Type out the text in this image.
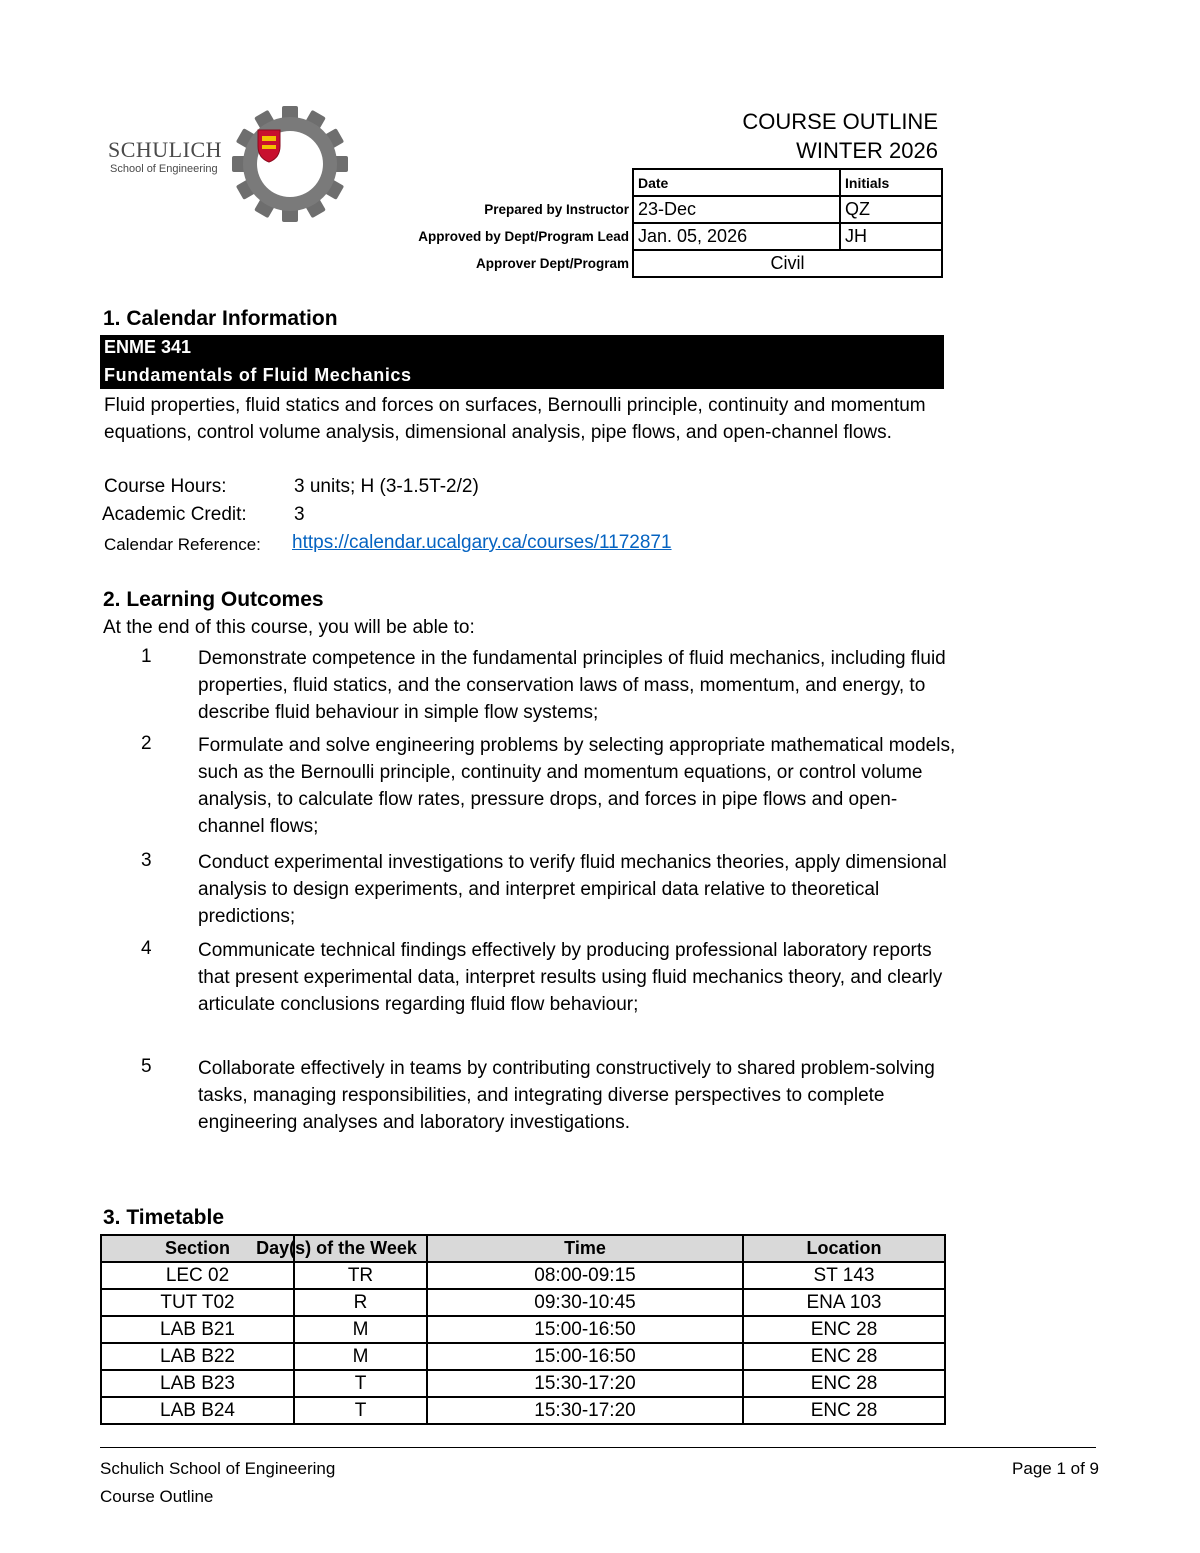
SCHULICH
School of Engineering
COURSE OUTLINE
WINTER 2026
	Date	Initials
Prepared by Instructor	23-Dec	QZ
Approved by Dept/Program Lead	Jan. 05, 2026	JH
Approver Dept/Program	Civil	
1. Calendar Information
ENME 341
Fundamentals of Fluid Mechanics
Fluid properties, fluid statics and forces on surfaces, Bernoulli principle, continuity and momentum equations, control volume analysis, dimensional analysis, pipe flows, and open-channel flows.
Course Hours:	3 units; H (3-1.5T-2/2)
Academic Credit: 3
Calendar Reference: https://calendar.ucalgary.ca/courses/1172871
2. Learning Outcomes
At the end of this course, you will be able to:
1 Demonstrate competence in the fundamental principles of fluid mechanics, including fluid properties, fluid statics, and the conservation laws of mass, momentum, and energy, to describe fluid behaviour in simple flow systems;
2 Formulate and solve engineering problems by selecting appropriate mathematical models, such as the Bernoulli principle, continuity and momentum equations, or control volume analysis, to calculate flow rates, pressure drops, and forces in pipe flows and open-channel flows;
3 Conduct experimental investigations to verify fluid mechanics theories, apply dimensional analysis to design experiments, and interpret empirical data relative to theoretical predictions;
4 Communicate technical findings effectively by producing professional laboratory reports that present experimental data, interpret results using fluid mechanics theory, and clearly articulate conclusions regarding fluid flow behaviour;
5 Collaborate effectively in teams by contributing constructively to shared problem-solving tasks, managing responsibilities, and integrating diverse perspectives to complete engineering analyses and laboratory investigations.
3. Timetable
Section	Day(s) of the Week	Time	Location
LEC 02	TR	08:00-09:15	ST 143
TUT T02	R	09:30-10:45	ENA 103
LAB B21	M	15:00-16:50	ENC 28
LAB B22	M	15:00-16:50	ENC 28
LAB B23	T	15:30-17:20	ENC 28
LAB B24	T	15:30-17:20	ENC 28
Schulich School of Engineering
Course Outline
Page 1 of 9
